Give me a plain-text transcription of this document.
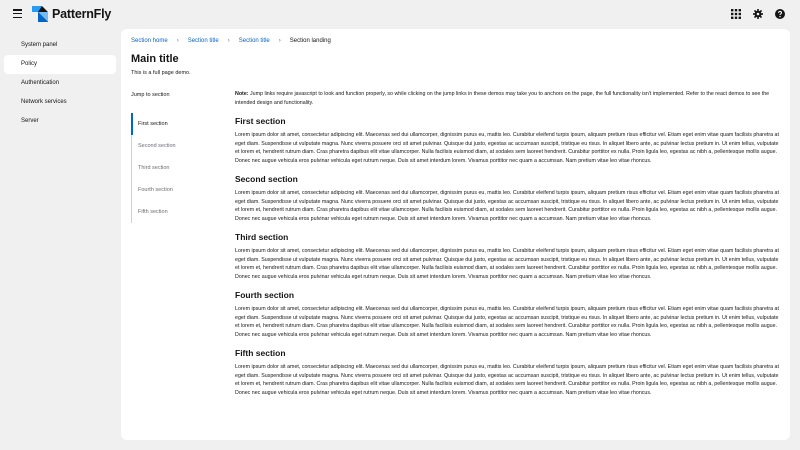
PatternFly
System panel
Policy
Authentication
Network services
Server
Section home › Section title › Section title › Section landing
Main title

This is a full page demo.

Jump to section
First section
Second section
Third section
Fourth section
Fifth section

Note: Jump links require javascript to look and function properly, so while clicking on the jump links in these demos may take you to anchors on the page, the full functionality isn't implemented. Refer to the react demos to see the intended design and functionality.

First section

Lorem ipsum dolor sit amet, consectetur adipiscing elit. Maecenas sed dui ullamcorper, dignissim purus eu, mattis leo. Curabitur eleifend turpis ipsum, aliquam pretium risus efficitur vel. Etiam eget enim vitae quam facilisis pharetra at eget diam. Suspendisse ut vulputate magna. Nunc viverra posuere orci sit amet pulvinar. Quisque dui justo, egestas ac accumsan suscipit, tristique eu risus. In aliquet libero ante, ac pulvinar lectus pretium in. Ut enim tellus, vulputate et lorem et, hendrerit rutrum diam. Cras pharetra dapibus elit vitae ullamcorper. Nulla facilisis euismod diam, at sodales sem laoreet hendrerit. Curabitur porttitor ex nulla. Proin ligula leo, egestas ac nibh a, pellentesque mollis augue. Donec nec augue vehicula eros pulvinar vehicula eget rutrum neque. Duis sit amet interdum lorem. Vivamus porttitor nec quam a accumsan. Nam pretium vitae leo vitae rhoncus.

Second section

Lorem ipsum dolor sit amet, consectetur adipiscing elit. Maecenas sed dui ullamcorper, dignissim purus eu, mattis leo. Curabitur eleifend turpis ipsum, aliquam pretium risus efficitur vel. Etiam eget enim vitae quam facilisis pharetra at eget diam. Suspendisse ut vulputate magna. Nunc viverra posuere orci sit amet pulvinar. Quisque dui justo, egestas ac accumsan suscipit, tristique eu risus. In aliquet libero ante, ac pulvinar lectus pretium in. Ut enim tellus, vulputate et lorem et, hendrerit rutrum diam. Cras pharetra dapibus elit vitae ullamcorper. Nulla facilisis euismod diam, at sodales sem laoreet hendrerit. Curabitur porttitor ex nulla. Proin ligula leo, egestas ac nibh a, pellentesque mollis augue. Donec nec augue vehicula eros pulvinar vehicula eget rutrum neque. Duis sit amet interdum lorem. Vivamus porttitor nec quam a accumsan. Nam pretium vitae leo vitae rhoncus.

Third section

Lorem ipsum dolor sit amet, consectetur adipiscing elit. Maecenas sed dui ullamcorper, dignissim purus eu, mattis leo. Curabitur eleifend turpis ipsum, aliquam pretium risus efficitur vel. Etiam eget enim vitae quam facilisis pharetra at eget diam. Suspendisse ut vulputate magna. Nunc viverra posuere orci sit amet pulvinar. Quisque dui justo, egestas ac accumsan suscipit, tristique eu risus. In aliquet libero ante, ac pulvinar lectus pretium in. Ut enim tellus, vulputate et lorem et, hendrerit rutrum diam. Cras pharetra dapibus elit vitae ullamcorper. Nulla facilisis euismod diam, at sodales sem laoreet hendrerit. Curabitur porttitor ex nulla. Proin ligula leo, egestas ac nibh a, pellentesque mollis augue. Donec nec augue vehicula eros pulvinar vehicula eget rutrum neque. Duis sit amet interdum lorem. Vivamus porttitor nec quam a accumsan. Nam pretium vitae leo vitae rhoncus.

Fourth section

Lorem ipsum dolor sit amet, consectetur adipiscing elit. Maecenas sed dui ullamcorper, dignissim purus eu, mattis leo. Curabitur eleifend turpis ipsum, aliquam pretium risus efficitur vel. Etiam eget enim vitae quam facilisis pharetra at eget diam. Suspendisse ut vulputate magna. Nunc viverra posuere orci sit amet pulvinar. Quisque dui justo, egestas ac accumsan suscipit, tristique eu risus. In aliquet libero ante, ac pulvinar lectus pretium in. Ut enim tellus, vulputate et lorem et, hendrerit rutrum diam. Cras pharetra dapibus elit vitae ullamcorper. Nulla facilisis euismod diam, at sodales sem laoreet hendrerit. Curabitur porttitor ex nulla. Proin ligula leo, egestas ac nibh a, pellentesque mollis augue. Donec nec augue vehicula eros pulvinar vehicula eget rutrum neque. Duis sit amet interdum lorem. Vivamus porttitor nec quam a accumsan. Nam pretium vitae leo vitae rhoncus.

Fifth section

Lorem ipsum dolor sit amet, consectetur adipiscing elit. Maecenas sed dui ullamcorper, dignissim purus eu, mattis leo. Curabitur eleifend turpis ipsum, aliquam pretium risus efficitur vel. Etiam eget enim vitae quam facilisis pharetra at eget diam. Suspendisse ut vulputate magna. Nunc viverra posuere orci sit amet pulvinar. Quisque dui justo, egestas ac accumsan suscipit, tristique eu risus. In aliquet libero ante, ac pulvinar lectus pretium in. Ut enim tellus, vulputate et lorem et, hendrerit rutrum diam. Cras pharetra dapibus elit vitae ullamcorper. Nulla facilisis euismod diam, at sodales sem laoreet hendrerit. Curabitur porttitor ex nulla. Proin ligula leo, egestas ac nibh a, pellentesque mollis augue. Donec nec augue vehicula eros pulvinar vehicula eget rutrum neque. Duis sit amet interdum lorem. Vivamus porttitor nec quam a accumsan. Nam pretium vitae leo vitae rhoncus.
